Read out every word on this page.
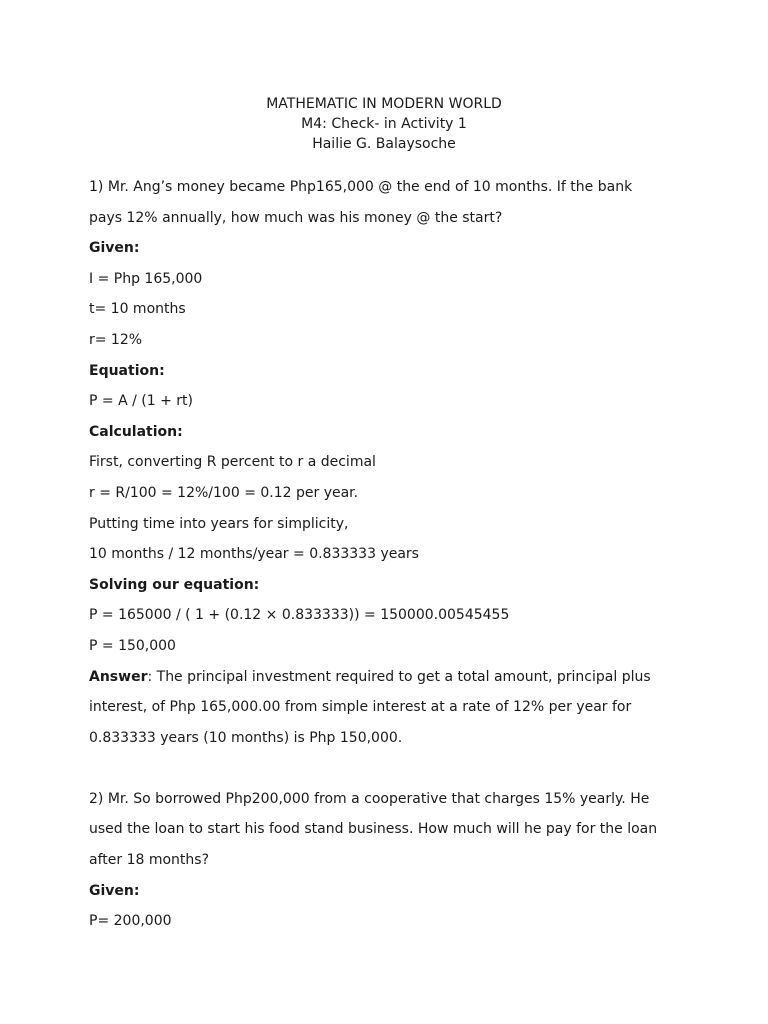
MATHEMATIC IN MODERN WORLD
M4: Check- in Activity 1
Hailie G. Balaysoche
1) Mr. Ang’s money became Php165,000 @ the end of 10 months. If the bank
pays 12% annually, how much was his money @ the start?
Given:
I = Php 165,000
t= 10 months
r= 12%
Equation:
P = A / (1 + rt)
Calculation:
First, converting R percent to r a decimal
r = R/100 = 12%/100 = 0.12 per year.
Putting time into years for simplicity,
10 months / 12 months/year = 0.833333 years
Solving our equation:
P = 165000 / ( 1 + (0.12 × 0.833333)) = 150000.00545455
P = 150,000
Answer: The principal investment required to get a total amount, principal plus
interest, of Php 165,000.00 from simple interest at a rate of 12% per year for
0.833333 years (10 months) is Php 150,000.
2) Mr. So borrowed Php200,000 from a cooperative that charges 15% yearly. He
used the loan to start his food stand business. How much will he pay for the loan
after 18 months?
Given:
P= 200,000
